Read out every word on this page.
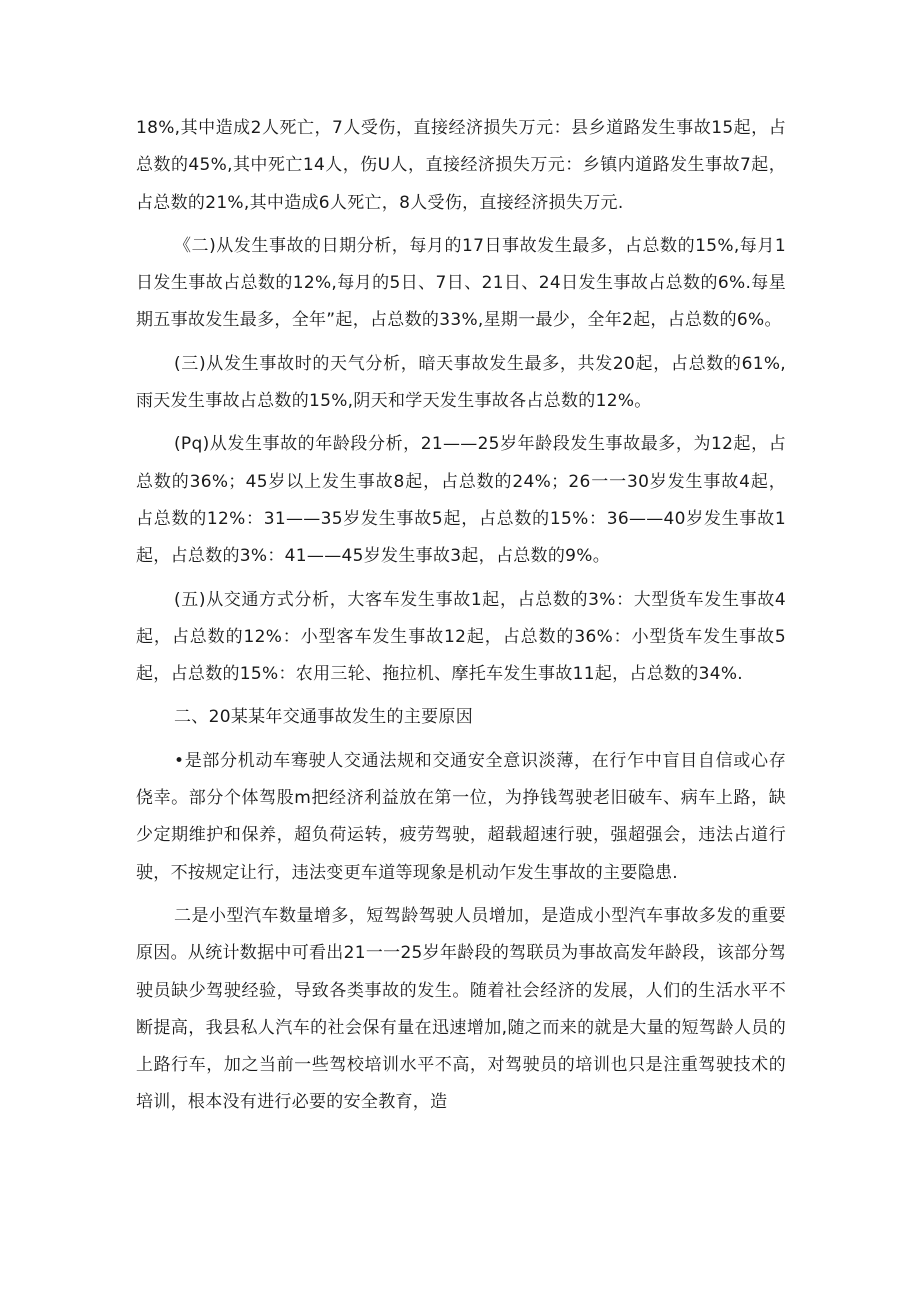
18%,其中造成2人死亡，7人受伤，直接经济损失万元：县乡道路发生事故15起，占总数的45%,其中死亡14人，伤U人，直接经济损失万元：乡镇内道路发生事故7起，占总数的21%,其中造成6人死亡，8人受伤，直接经济损失万元.

《二)从发生事故的日期分析，每月的17日事故发生最多，占总数的15%,每月1日发生事故占总数的12%,每月的5日、7日、21日、24日发生事故占总数的6%.每星期五事故发生最多，全年”起，占总数的33%,星期一最少，全年2起，占总数的6%。

(三)从发生事故时的天气分析，暗天事故发生最多，共发20起，占总数的61%,雨天发生事故占总数的15%,阴天和学天发生事故各占总数的12%。

(Pq)从发生事故的年龄段分析，21——25岁年龄段发生事故最多，为12起，占总数的36%；45岁以上发生事故8起，占总数的24%；26一一30岁发生事故4起，占总数的12%：31——35岁发生事故5起，占总数的15%：36——40岁发生事故1起，占总数的3%：41——45岁发生事故3起，占总数的9%。

(五)从交通方式分析，大客车发生事故1起，占总数的3%：大型货车发生事故4起，占总数的12%：小型客车发生事故12起，占总数的36%：小型货车发生事故5起，占总数的15%：农用三轮、拖拉机、摩托车发生事故11起，占总数的34%.

二、20某某年交通事故发生的主要原因

•是部分机动车骞驶人交通法规和交通安全意识淡薄，在行乍中盲目自信或心存侥幸。部分个体驾股m把经济利益放在第一位，为挣钱驾驶老旧破车、病车上路，缺少定期维护和保养，超负荷运转，疲劳驾驶，超载超速行驶，强超强会，违法占道行驶，不按规定让行，违法变更车道等现象是机动乍发生事故的主要隐患.

二是小型汽车数量增多，短驾龄驾驶人员增加，是造成小型汽车事故多发的重要原因。从统计数据中可看出21一一25岁年龄段的驾联员为事故高发年龄段，该部分驾驶员缺少驾驶经验，导致各类事故的发生。随着社会经济的发展，人们的生活水平不断提高，我县私人汽车的社会保有量在迅速增加,随之而来的就是大量的短驾龄人员的上路行车，加之当前一些驾校培训水平不高，对驾驶员的培训也只是注重驾驶技术的培训，根本没有进行必要的安全教育，造
